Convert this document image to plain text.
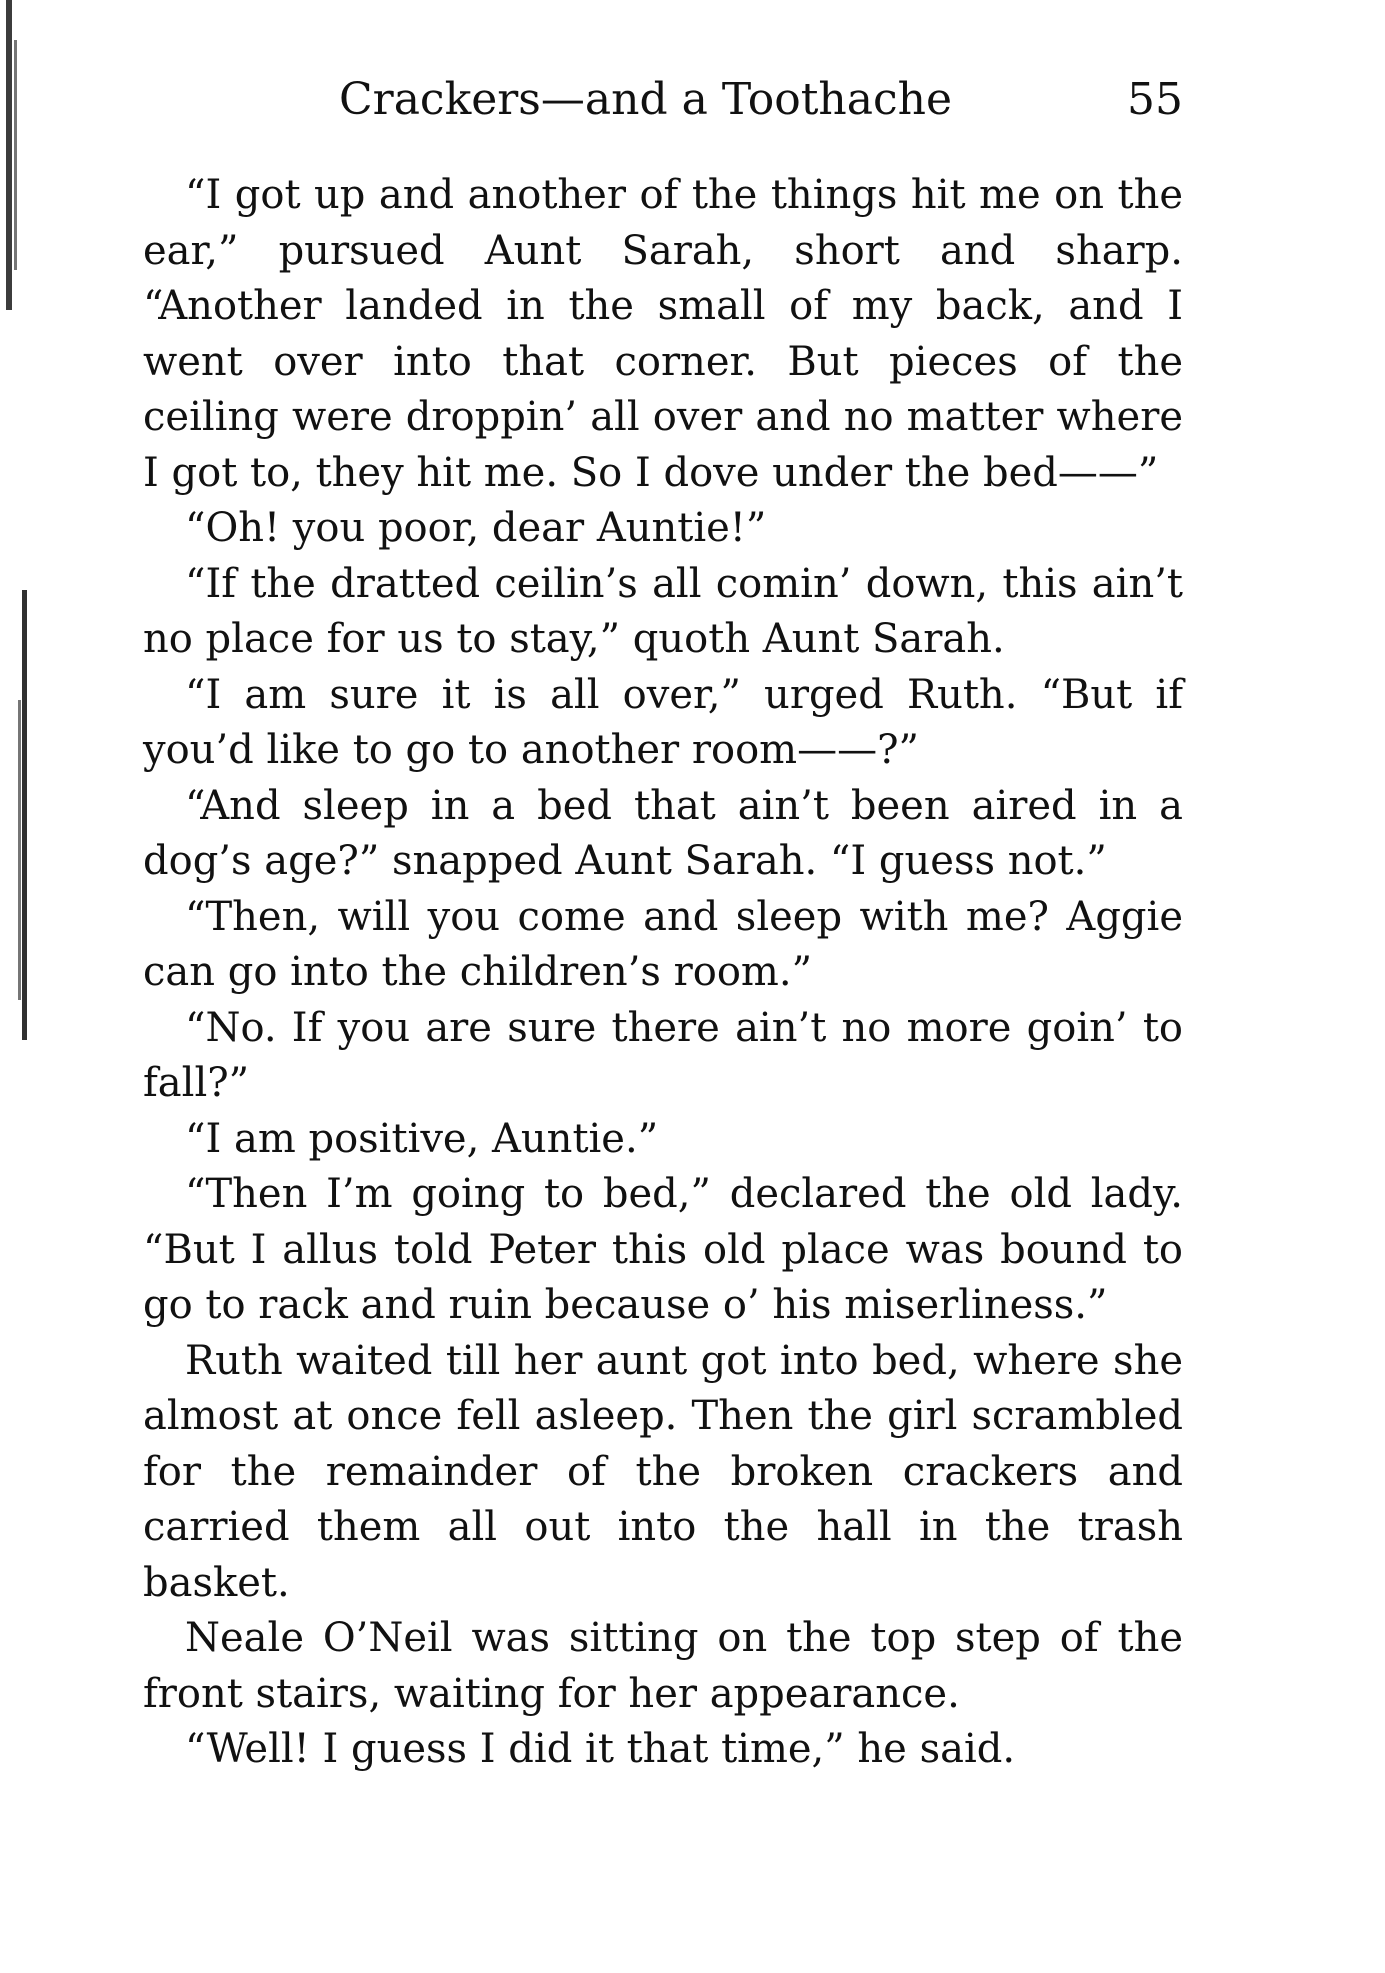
Crackers—and a Toothache	55

“I got up and another of the things hit me on the ear,” pursued Aunt Sarah, short and sharp. “Another landed in the small of my back, and I went over into that corner. But pieces of the ceiling were droppin’ all over and no matter where I got to, they hit me. So I dove under the bed——”

“Oh! you poor, dear Auntie!”

“If the dratted ceilin’s all comin’ down, this ain’t no place for us to stay,” quoth Aunt Sarah.

“I am sure it is all over,” urged Ruth. “But if you’d like to go to another room——?”

“And sleep in a bed that ain’t been aired in a dog’s age?” snapped Aunt Sarah. “I guess not.”

“Then, will you come and sleep with me? Aggie can go into the children’s room.”

“No. If you are sure there ain’t no more goin’ to fall?”

“I am positive, Auntie.”

“Then I’m going to bed,” declared the old lady. “But I allus told Peter this old place was bound to go to rack and ruin because o’ his miserliness.”

Ruth waited till her aunt got into bed, where she almost at once fell asleep. Then the girl scrambled for the remainder of the broken crackers and carried them all out into the hall in the trash basket.

Neale O’Neil was sitting on the top step of the front stairs, waiting for her appearance.

“Well! I guess I did it that time,” he said.
